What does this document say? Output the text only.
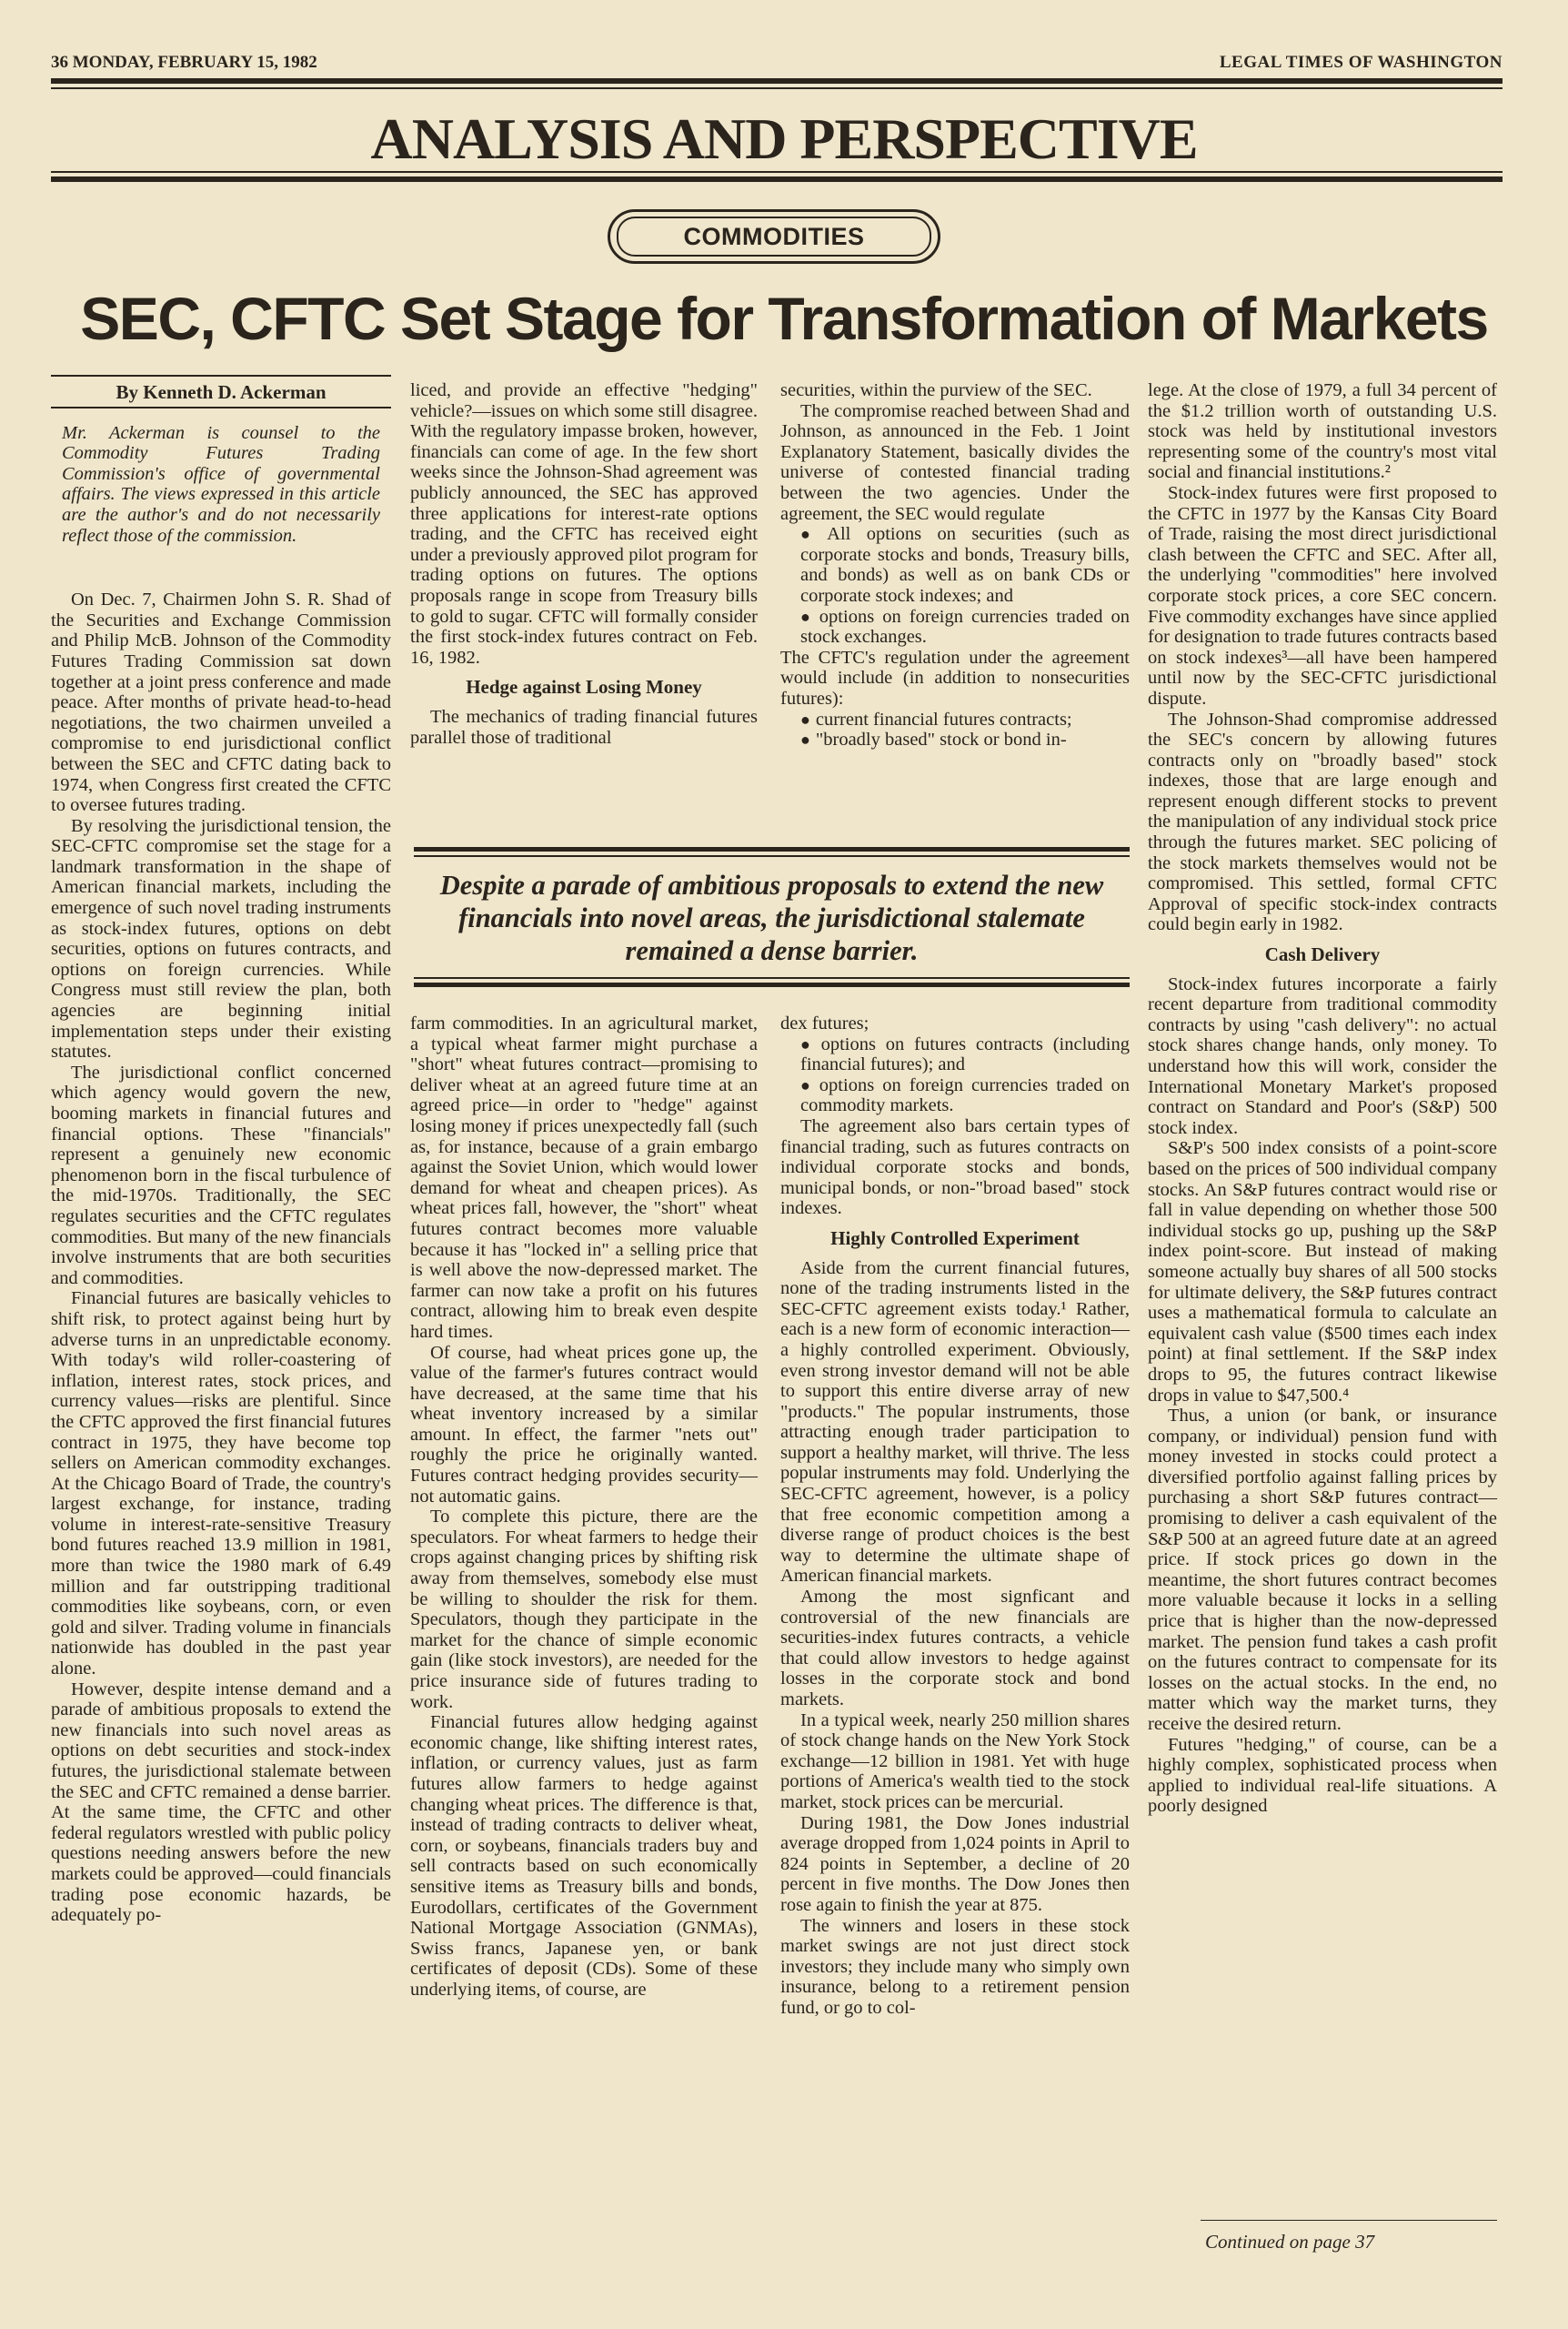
36 MONDAY, FEBRUARY 15, 1982	LEGAL TIMES OF WASHINGTON
ANALYSIS AND PERSPECTIVE
COMMODITIES
SEC, CFTC Set Stage for Transformation of Markets
By Kenneth D. Ackerman
Mr. Ackerman is counsel to the Commodity Futures Trading Commission's office of governmental affairs. The views expressed in this article are the author's and do not necessarily reflect those of the commission.

On Dec. 7, Chairmen John S. R. Shad of the Securities and Exchange Commission and Philip McB. Johnson of the Commodity Futures Trading Commission sat down together at a joint press conference and made peace. After months of private head-to-head negotiations, the two chairmen unveiled a compromise to end jurisdictional conflict between the SEC and CFTC dating back to 1974, when Congress first created the CFTC to oversee futures trading.

By resolving the jurisdictional tension, the SEC-CFTC compromise set the stage for a landmark transformation in the shape of American financial markets, including the emergence of such novel trading instruments as stock-index futures, options on debt securities, options on futures contracts, and options on foreign currencies. While Congress must still review the plan, both agencies are beginning initial implementation steps under their existing statutes.

The jurisdictional conflict concerned which agency would govern the new, booming markets in financial futures and financial options. These "financials" represent a genuinely new economic phenomenon born in the fiscal turbulence of the mid-1970s. Traditionally, the SEC regulates securities and the CFTC regulates commodities. But many of the new financials involve instruments that are both securities and commodities.

Financial futures are basically vehicles to shift risk, to protect against being hurt by adverse turns in an unpredictable economy. With today's wild roller-coastering of inflation, interest rates, stock prices, and currency values—risks are plentiful. Since the CFTC approved the first financial futures contract in 1975, they have become top sellers on American commodity exchanges. At the Chicago Board of Trade, the country's largest exchange, for instance, trading volume in interest-rate-sensitive Treasury bond futures reached 13.9 million in 1981, more than twice the 1980 mark of 6.49 million and far outstripping traditional commodities like soybeans, corn, or even gold and silver. Trading volume in financials nationwide has doubled in the past year alone.

However, despite intense demand and a parade of ambitious proposals to extend the new financials into such novel areas as options on debt securities and stock-index futures, the jurisdictional stalemate between the SEC and CFTC remained a dense barrier. At the same time, the CFTC and other federal regulators wrestled with public policy questions needing answers before the new markets could be approved—could financials trading pose economic hazards, be adequately po-

liced, and provide an effective "hedging" vehicle?—issues on which some still disagree. With the regulatory impasse broken, however, financials can come of age. In the few short weeks since the Johnson-Shad agreement was publicly announced, the SEC has approved three applications for interest-rate options trading, and the CFTC has received eight under a previously approved pilot program for trading options on futures. The options proposals range in scope from Treasury bills to gold to sugar. CFTC will formally consider the first stock-index futures contract on Feb. 16, 1982.

Hedge against Losing Money

The mechanics of trading financial futures parallel those of traditional

securities, within the purview of the SEC.

The compromise reached between Shad and Johnson, as announced in the Feb. 1 Joint Explanatory Statement, basically divides the universe of contested financial trading between the two agencies. Under the agreement, the SEC would regulate

● All options on securities (such as corporate stocks and bonds, Treasury bills, and bonds) as well as on bank CDs or corporate stock indexes; and

● options on foreign currencies traded on stock exchanges.

The CFTC's regulation under the agreement would include (in addition to nonsecurities futures):

● current financial futures contracts;

● "broadly based" stock or bond in-

Despite a parade of ambitious proposals to extend the new financials into novel areas, the jurisdictional stalemate remained a dense barrier.

farm commodities. In an agricultural market, a typical wheat farmer might purchase a "short" wheat futures contract—promising to deliver wheat at an agreed future time at an agreed price—in order to "hedge" against losing money if prices unexpectedly fall (such as, for instance, because of a grain embargo against the Soviet Union, which would lower demand for wheat and cheapen prices). As wheat prices fall, however, the "short" wheat futures contract becomes more valuable because it has "locked in" a selling price that is well above the now-depressed market. The farmer can now take a profit on his futures contract, allowing him to break even despite hard times.

Of course, had wheat prices gone up, the value of the farmer's futures contract would have decreased, at the same time that his wheat inventory increased by a similar amount. In effect, the farmer "nets out" roughly the price he originally wanted. Futures contract hedging provides security—not automatic gains.

To complete this picture, there are the speculators. For wheat farmers to hedge their crops against changing prices by shifting risk away from themselves, somebody else must be willing to shoulder the risk for them. Speculators, though they participate in the market for the chance of simple economic gain (like stock investors), are needed for the price insurance side of futures trading to work.

Financial futures allow hedging against economic change, like shifting interest rates, inflation, or currency values, just as farm futures allow farmers to hedge against changing wheat prices. The difference is that, instead of trading contracts to deliver wheat, corn, or soybeans, financials traders buy and sell contracts based on such economically sensitive items as Treasury bills and bonds, Eurodollars, certificates of the Government National Mortgage Association (GNMAs), Swiss francs, Japanese yen, or bank certificates of deposit (CDs). Some of these underlying items, of course, are

dex futures;

● options on futures contracts (including financial futures); and

● options on foreign currencies traded on commodity markets.

The agreement also bars certain types of financial trading, such as futures contracts on individual corporate stocks and bonds, municipal bonds, or non-"broad based" stock indexes.

Highly Controlled Experiment

Aside from the current financial futures, none of the trading instruments listed in the SEC-CFTC agreement exists today.¹ Rather, each is a new form of economic interaction—a highly controlled experiment. Obviously, even strong investor demand will not be able to support this entire diverse array of new "products." The popular instruments, those attracting enough trader participation to support a healthy market, will thrive. The less popular instruments may fold. Underlying the SEC-CFTC agreement, however, is a policy that free economic competition among a diverse range of product choices is the best way to determine the ultimate shape of American financial markets.

Among the most signficant and controversial of the new financials are securities-index futures contracts, a vehicle that could allow investors to hedge against losses in the corporate stock and bond markets.

In a typical week, nearly 250 million shares of stock change hands on the New York Stock exchange—12 billion in 1981. Yet with huge portions of America's wealth tied to the stock market, stock prices can be mercurial.

During 1981, the Dow Jones industrial average dropped from 1,024 points in April to 824 points in September, a decline of 20 percent in five months. The Dow Jones then rose again to finish the year at 875.

The winners and losers in these stock market swings are not just direct stock investors; they include many who simply own insurance, belong to a retirement pension fund, or go to col-

lege. At the close of 1979, a full 34 percent of the $1.2 trillion worth of outstanding U.S. stock was held by institutional investors representing some of the country's most vital social and financial institutions.²

Stock-index futures were first proposed to the CFTC in 1977 by the Kansas City Board of Trade, raising the most direct jurisdictional clash between the CFTC and SEC. After all, the underlying "commodities" here involved corporate stock prices, a core SEC concern. Five commodity exchanges have since applied for designation to trade futures contracts based on stock indexes³—all have been hampered until now by the SEC-CFTC jurisdictional dispute.

The Johnson-Shad compromise addressed the SEC's concern by allowing futures contracts only on "broadly based" stock indexes, those that are large enough and represent enough different stocks to prevent the manipulation of any individual stock price through the futures market. SEC policing of the stock markets themselves would not be compromised. This settled, formal CFTC Approval of specific stock-index contracts could begin early in 1982.

Cash Delivery

Stock-index futures incorporate a fairly recent departure from traditional commodity contracts by using "cash delivery": no actual stock shares change hands, only money. To understand how this will work, consider the International Monetary Market's proposed contract on Standard and Poor's (S&P) 500 stock index.

S&P's 500 index consists of a point-score based on the prices of 500 individual company stocks. An S&P futures contract would rise or fall in value depending on whether those 500 individual stocks go up, pushing up the S&P index point-score. But instead of making someone actually buy shares of all 500 stocks for ultimate delivery, the S&P futures contract uses a mathematical formula to calculate an equivalent cash value ($500 times each index point) at final settlement. If the S&P index drops to 95, the futures contract likewise drops in value to $47,500.⁴

Thus, a union (or bank, or insurance company, or individual) pension fund with money invested in stocks could protect a diversified portfolio against falling prices by purchasing a short S&P futures contract—promising to deliver a cash equivalent of the S&P 500 at an agreed future date at an agreed price. If stock prices go down in the meantime, the short futures contract becomes more valuable because it locks in a selling price that is higher than the now-depressed market. The pension fund takes a cash profit on the futures contract to compensate for its losses on the actual stocks. In the end, no matter which way the market turns, they receive the desired return.

Futures "hedging," of course, can be a highly complex, sophisticated process when applied to individual real-life situations. A poorly designed

Continued on page 37
